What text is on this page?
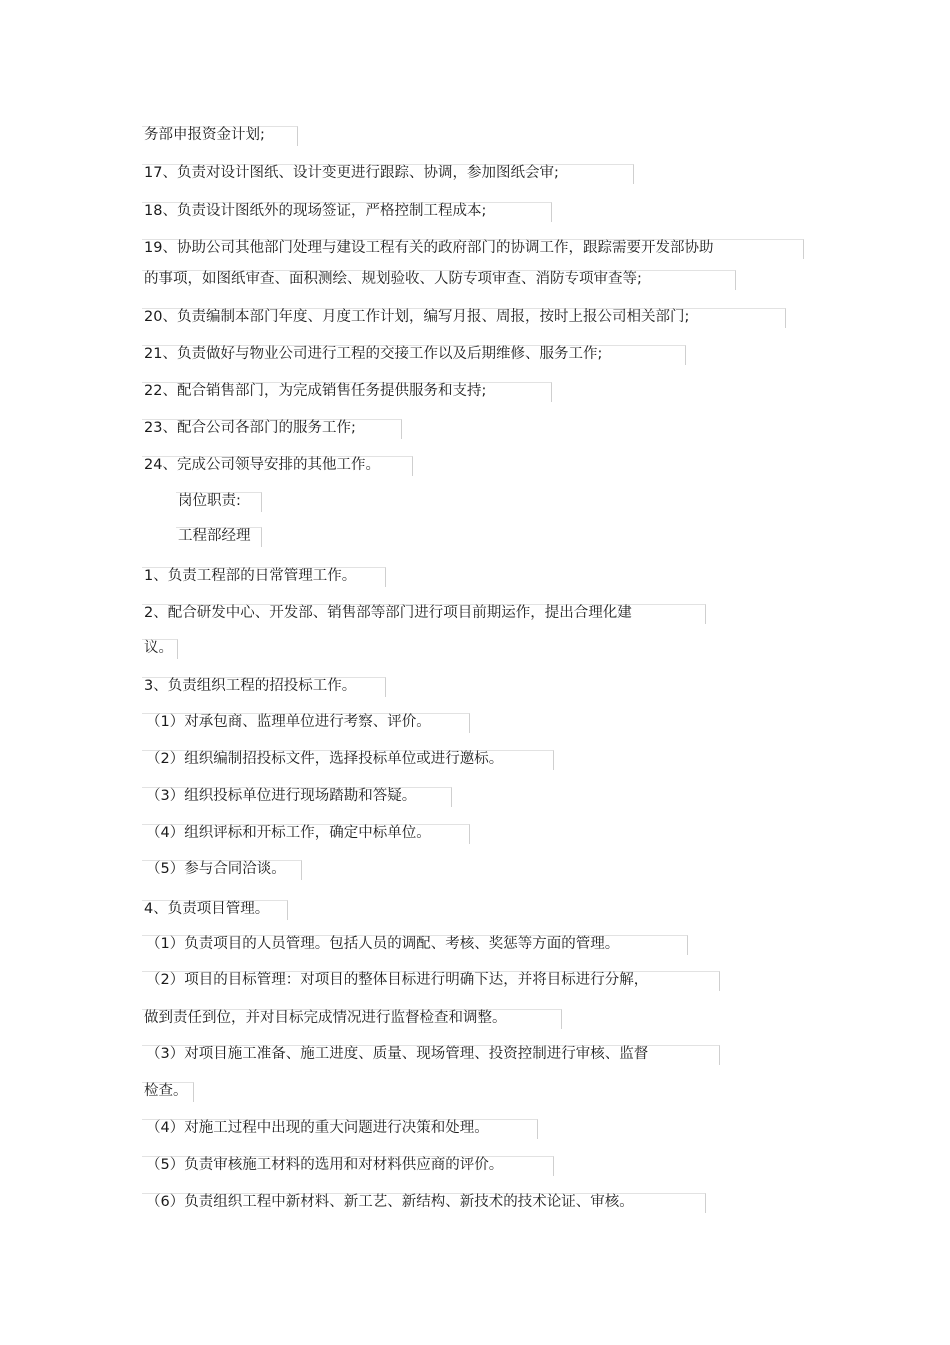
务部申报资金计划;
17、负责对设计图纸、设计变更进行跟踪、协调，参加图纸会审;
18、负责设计图纸外的现场签证，严格控制工程成本;
19、协助公司其他部门处理与建设工程有关的政府部门的协调工作，跟踪需要开发部协助
的事项，如图纸审查、面积测绘、规划验收、人防专项审查、消防专项审查等;
20、负责编制本部门年度、月度工作计划，编写月报、周报，按时上报公司相关部门;
21、负责做好与物业公司进行工程的交接工作以及后期维修、服务工作;
22、配合销售部门，为完成销售任务提供服务和支持;
23、配合公司各部门的服务工作;
24、完成公司领导安排的其他工作。
岗位职责:
工程部经理
1、负责工程部的日常管理工作。
2、配合研发中心、开发部、销售部等部门进行项目前期运作，提出合理化建
议。
3、负责组织工程的招投标工作。
（1）对承包商、监理单位进行考察、评价。
（2）组织编制招投标文件，选择投标单位或进行邀标。
（3）组织投标单位进行现场踏勘和答疑。
（4）组织评标和开标工作，确定中标单位。
（5）参与合同洽谈。
4、负责项目管理。
（1）负责项目的人员管理。包括人员的调配、考核、奖惩等方面的管理。
（2）项目的目标管理：对项目的整体目标进行明确下达，并将目标进行分解，
做到责任到位，并对目标完成情况进行监督检查和调整。
（3）对项目施工准备、施工进度、质量、现场管理、投资控制进行审核、监督
检查。
（4）对施工过程中出现的重大问题进行决策和处理。
（5）负责审核施工材料的选用和对材料供应商的评价。
（6）负责组织工程中新材料、新工艺、新结构、新技术的技术论证、审核。
